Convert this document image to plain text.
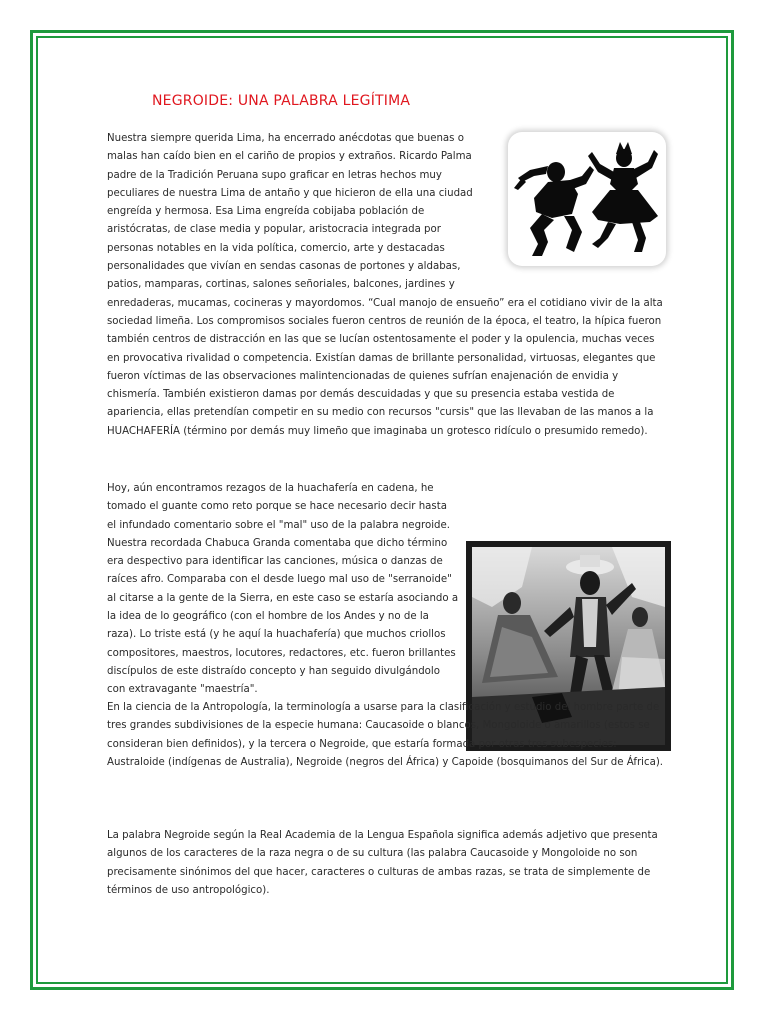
NEGROIDE: UNA PALABRA LEGÍTIMA
Nuestra siempre querida Lima, ha encerrado anécdotas que buenas o malas han caído bien en el cariño de propios y extraños. Ricardo Palma padre de la Tradición Peruana supo graficar en letras hechos muy peculiares de nuestra Lima de antaño y que hicieron de ella una ciudad engreída y hermosa. Esa Lima engreída cobijaba población de aristócratas, de clase media y popular, aristocracia integrada por personas notables en la vida política, comercio, arte y destacadas personalidades que vivían en sendas casonas de portones y aldabas, patios, mamparas, cortinas, salones señoriales, balcones, jardines y enredaderas, mucamas, cocineras y mayordomos. “Cual manojo de ensueño” era el cotidiano vivir de la alta sociedad limeña. Los compromisos sociales fueron centros de reunión de la época, el teatro, la hípica fueron también centros de distracción en las que se lucían ostentosamente el poder y la opulencia, muchas veces en provocativa rivalidad o competencia. Existían damas de brillante personalidad, virtuosas, elegantes que fueron víctimas de las observaciones malintencionadas de quienes sufrían enajenación de envidia y chismería. También existieron damas por demás descuidadas y que su presencia estaba vestida de apariencia, ellas pretendían competir en su medio con recursos "cursis" que las llevaban de las manos a la HUACHAFERÍA (término por demás muy limeño que imaginaba un grotesco ridículo o presumido remedo).
Hoy, aún encontramos rezagos de la huachafería en cadena, he tomado el guante como reto porque se hace necesario decir hasta el infundado comentario sobre el "mal" uso de la palabra negroide. Nuestra recordada Chabuca Granda comentaba que dicho término era despectivo para identificar las canciones, música o danzas de raíces afro. Comparaba con el desde luego mal uso de "serranoide" al citarse a la gente de la Sierra, en este caso se estaría asociando a la idea de lo geográfico (con el hombre de los Andes y no de la raza). Lo triste está (y he aquí la huachafería) que muchos criollos compositores, maestros, locutores, redactores, etc. fueron brillantes discípulos de este distraído concepto y han seguido divulgándolo con extravagante "maestría".
En la ciencia de la Antropología, la terminología a usarse para la clasificación y estudio del hombre parte de tres grandes subdivisiones de la especie humana: Caucasoide o blancos, Mongoloide o amarillos (estos se consideran bien definidos), y la tercera o Negroide, que estaría formada por otras tres subespecies: Australoide (indígenas de Australia), Negroide (negros del África) y Capoide (bosquimanos del Sur de África).
La palabra Negroide según la Real Academia de la Lengua Española significa además adjetivo que presenta algunos de los caracteres de la raza negra o de su cultura (las palabra Caucasoide y Mongoloide no son precisamente sinónimos del que hacer, caracteres o culturas de ambas razas, se trata de simplemente de términos de uso antropológico).
